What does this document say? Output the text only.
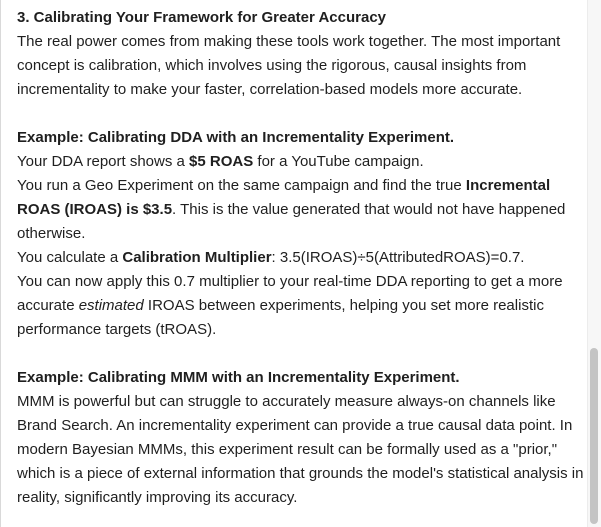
3. Calibrating Your Framework for Greater Accuracy

The real power comes from making these tools work together. The most important concept is calibration, which involves using the rigorous, causal insights from incrementality to make your faster, correlation-based models more accurate.

Example: Calibrating DDA with an Incrementality Experiment.

Your DDA report shows a $5 ROAS for a YouTube campaign.

You run a Geo Experiment on the same campaign and find the true Incremental ROAS (IROAS) is $3.5. This is the value generated that would not have happened otherwise.

You calculate a Calibration Multiplier: 3.5(IROAS)÷5(AttributedROAS)=0.7.

You can now apply this 0.7 multiplier to your real-time DDA reporting to get a more accurate estimated IROAS between experiments, helping you set more realistic performance targets (tROAS).

Example: Calibrating MMM with an Incrementality Experiment.

MMM is powerful but can struggle to accurately measure always-on channels like Brand Search. An incrementality experiment can provide a true causal data point. In modern Bayesian MMMs, this experiment result can be formally used as a "prior," which is a piece of external information that grounds the model's statistical analysis in reality, significantly improving its accuracy.
